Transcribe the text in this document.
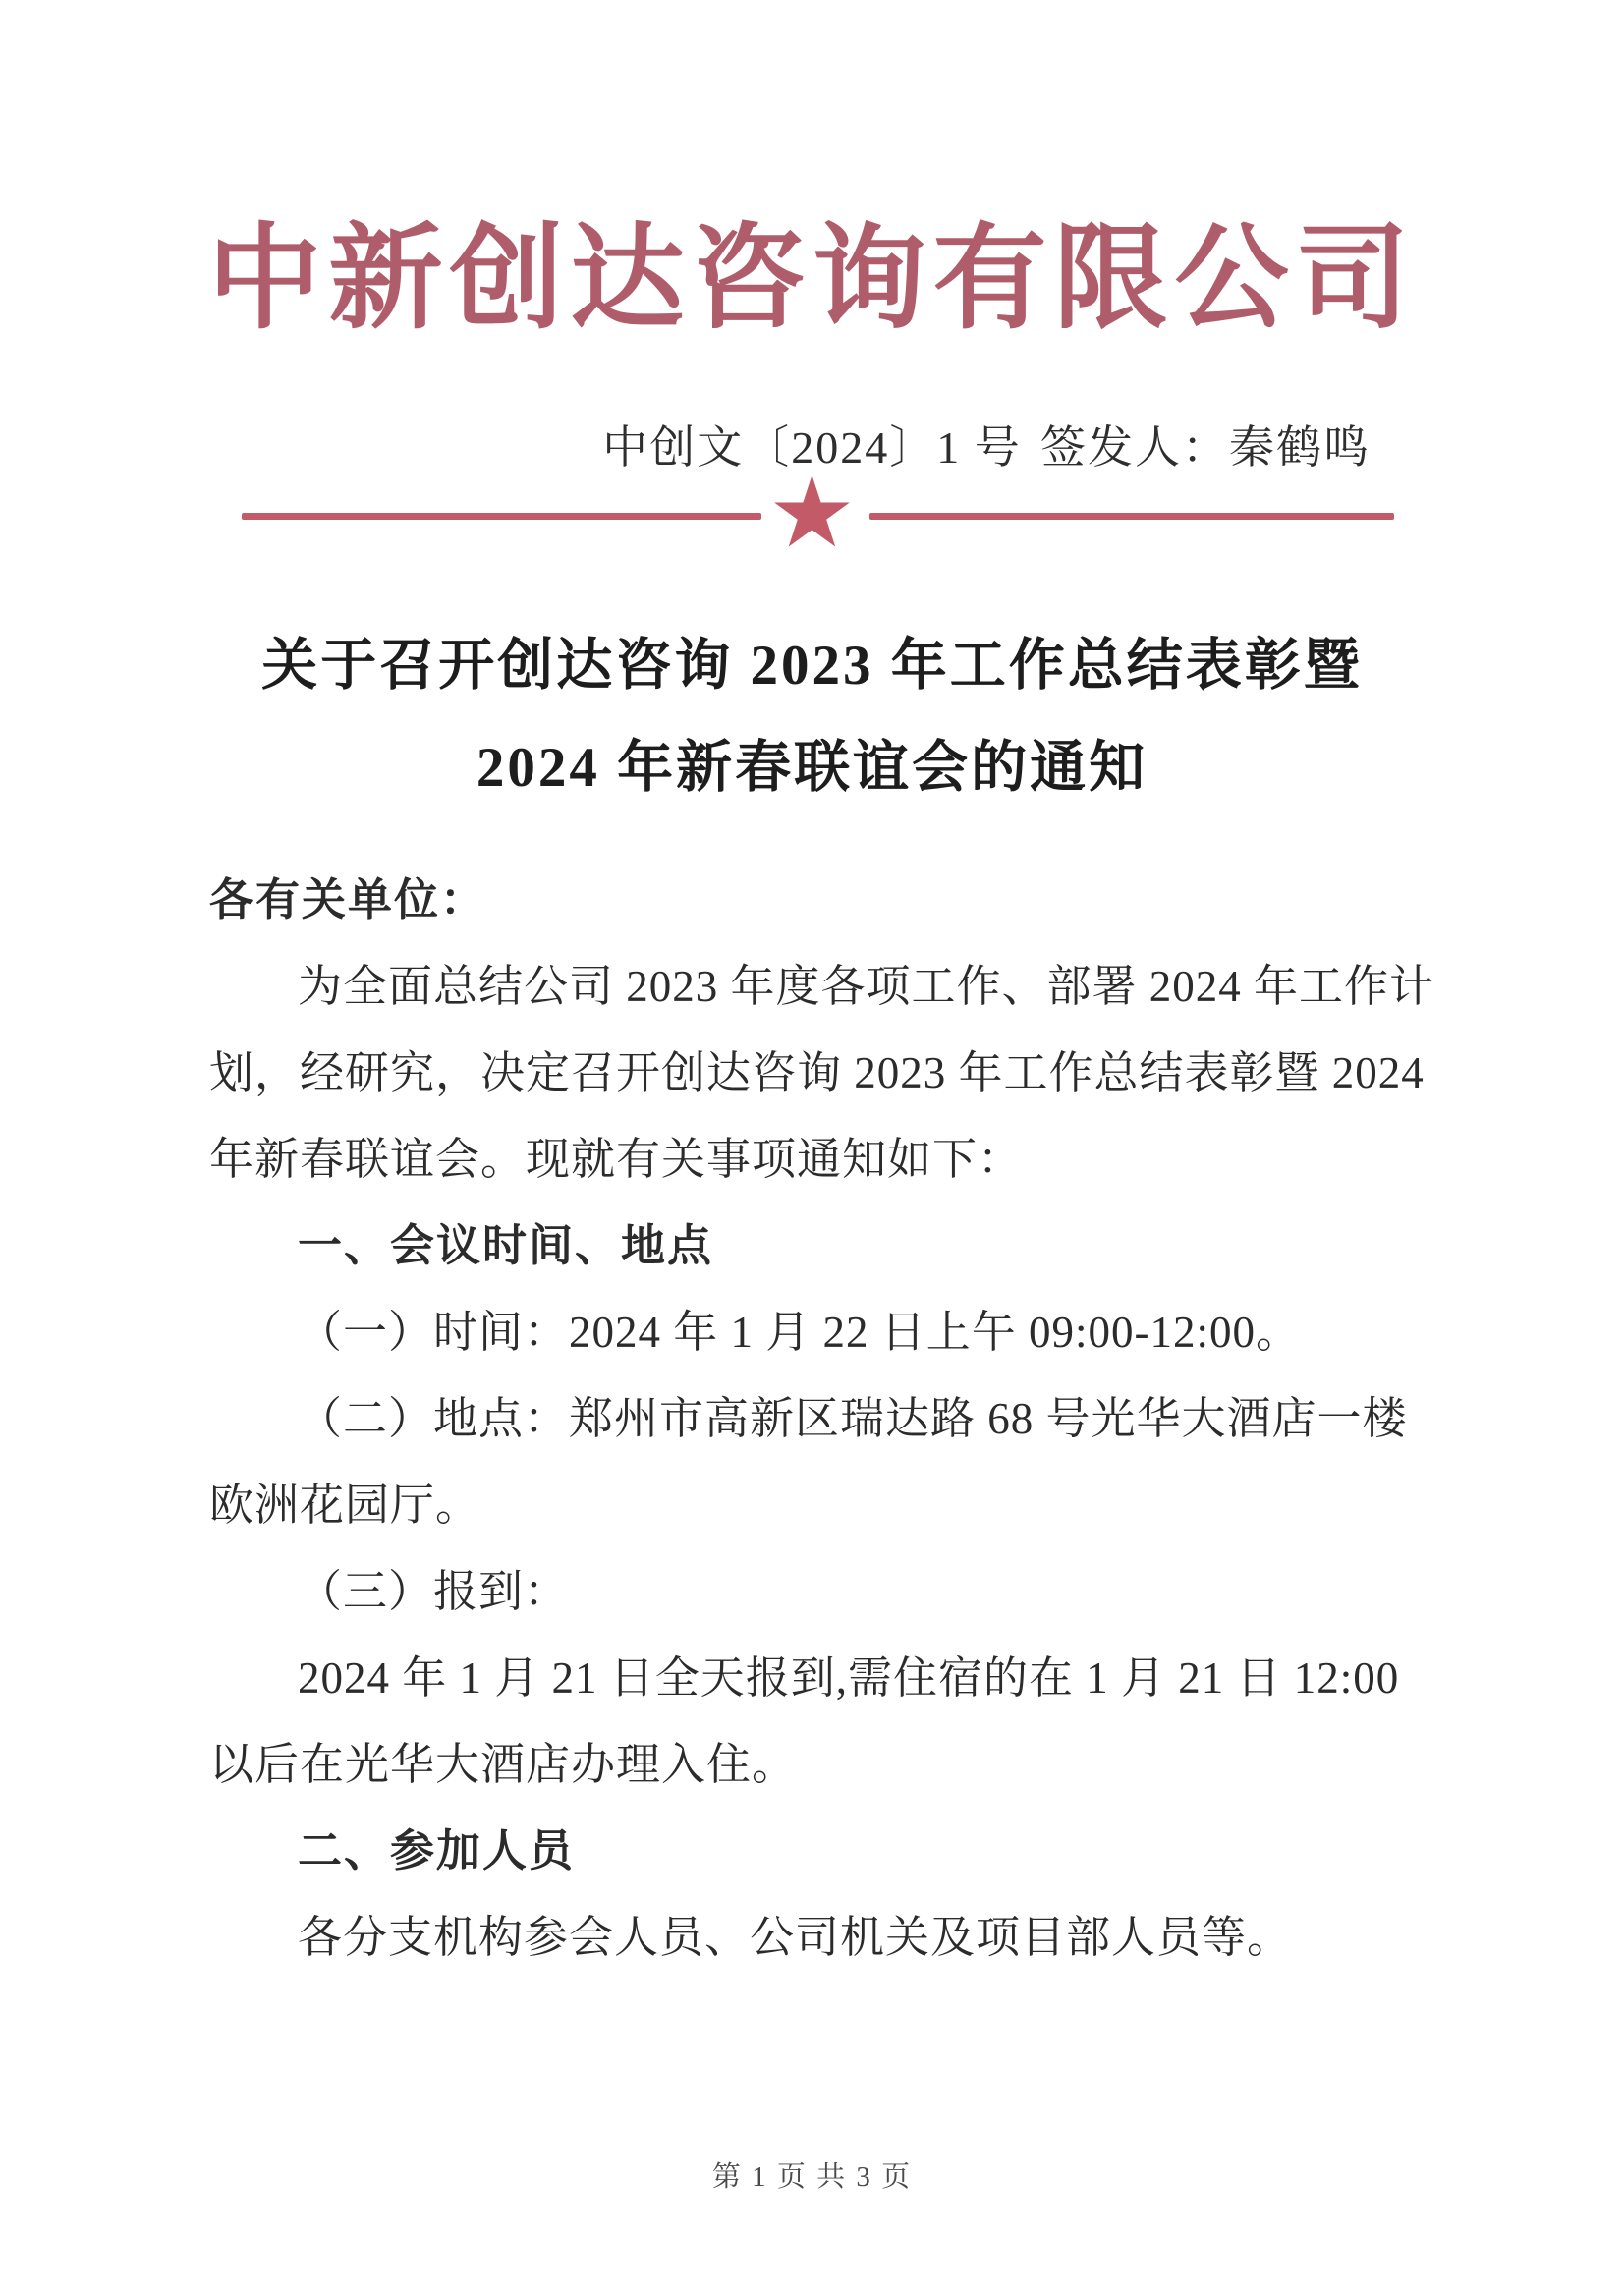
中新创达咨询有限公司
中创文〔2024〕1 号 签发人：秦鹤鸣
★
关于召开创达咨询 2023 年工作总结表彰暨
2024 年新春联谊会的通知
各有关单位：
为全面总结公司 2023 年度各项工作、部署 2024 年工作计
划，经研究，决定召开创达咨询 2023 年工作总结表彰暨 2024
年新春联谊会。现就有关事项通知如下：
一、会议时间、地点
（一）时间：2024 年 1 月 22 日上午 09:00-12:00。
（二）地点：郑州市高新区瑞达路 68 号光华大酒店一楼
欧洲花园厅。
（三）报到：
2024 年 1 月 21 日全天报到,需住宿的在 1 月 21 日 12:00
以后在光华大酒店办理入住。
二、参加人员
各分支机构参会人员、公司机关及项目部人员等。
第 1 页 共 3 页
